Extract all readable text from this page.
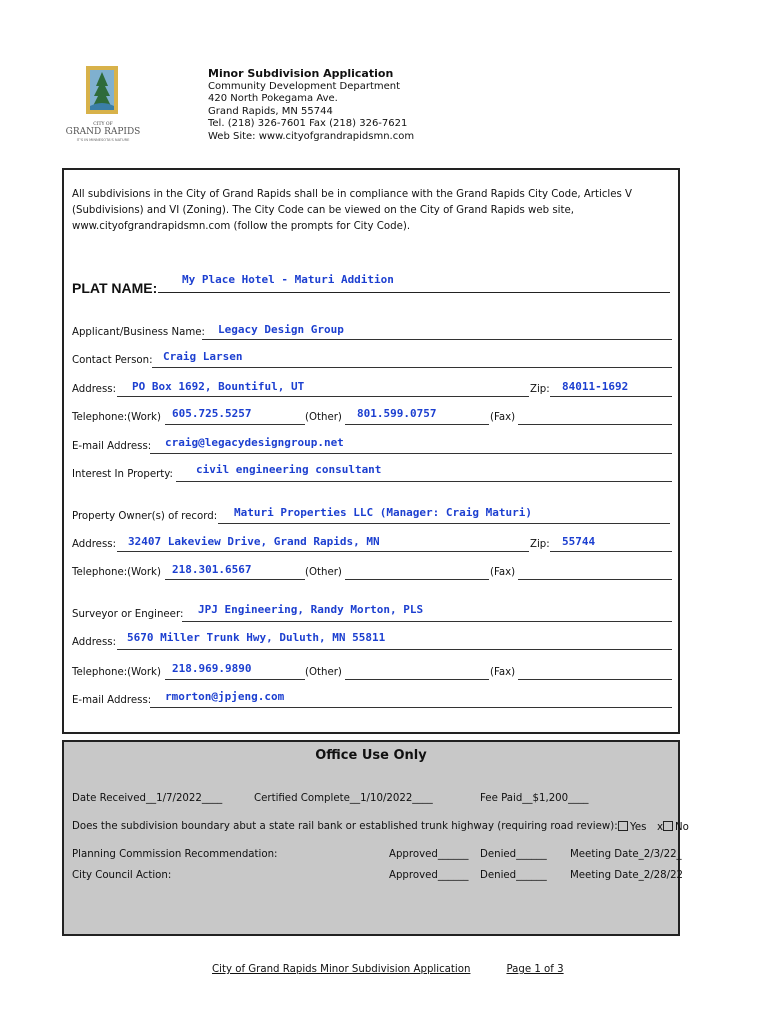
CITY OF
GRAND RAPIDS
IT'S IN MINNESOTA'S NATURE
Minor Subdivision Application
Community Development Department
420 North Pokegama Ave.
Grand Rapids, MN 55744
Tel. (218) 326-7601 Fax (218) 326-7621
Web Site: www.cityofgrandrapidsmn.com
All subdivisions in the City of Grand Rapids shall be in compliance with the Grand Rapids City Code, Articles V (Subdivisions) and VI (Zoning). The City Code can be viewed on the City of Grand Rapids web site, www.cityofgrandrapidsmn.com (follow the prompts for City Code).
PLAT NAME:
My Place Hotel - Maturi Addition
Applicant/Business Name: Legacy Design Group
Contact Person: Craig Larsen
Address: PO Box 1692, Bountiful, UT	Zip: 84011-1692
Telephone:(Work) 605.725.5257	(Other) 801.599.0757	(Fax)
E-mail Address: craig@legacydesigngroup.net
Interest In Property: civil engineering consultant
Property Owner(s) of record: Maturi Properties LLC (Manager: Craig Maturi)
Address: 32407 Lakeview Drive, Grand Rapids, MN	Zip: 55744
Telephone:(Work) 218.301.6567	(Other)	(Fax)
Surveyor or Engineer: JPJ Engineering, Randy Morton, PLS
Address: 5670 Miller Trunk Hwy, Duluth, MN 55811
Telephone:(Work) 218.969.9890	(Other)	(Fax)
E-mail Address: rmorton@jpjeng.com
Office Use Only
Date Received__1/7/2022____	Certified Complete__1/10/2022____	Fee Paid__$1,200____
Does the subdivision boundary abut a state rail bank or established trunk highway (requiring road review):	Yes x No
Planning Commission Recommendation:	Approved______ Denied______ Meeting Date_2/3/22_
City Council Action:	Approved______ Denied______ Meeting Date_2/28/22
City of Grand Rapids Minor Subdivision Application	Page 1 of 3
